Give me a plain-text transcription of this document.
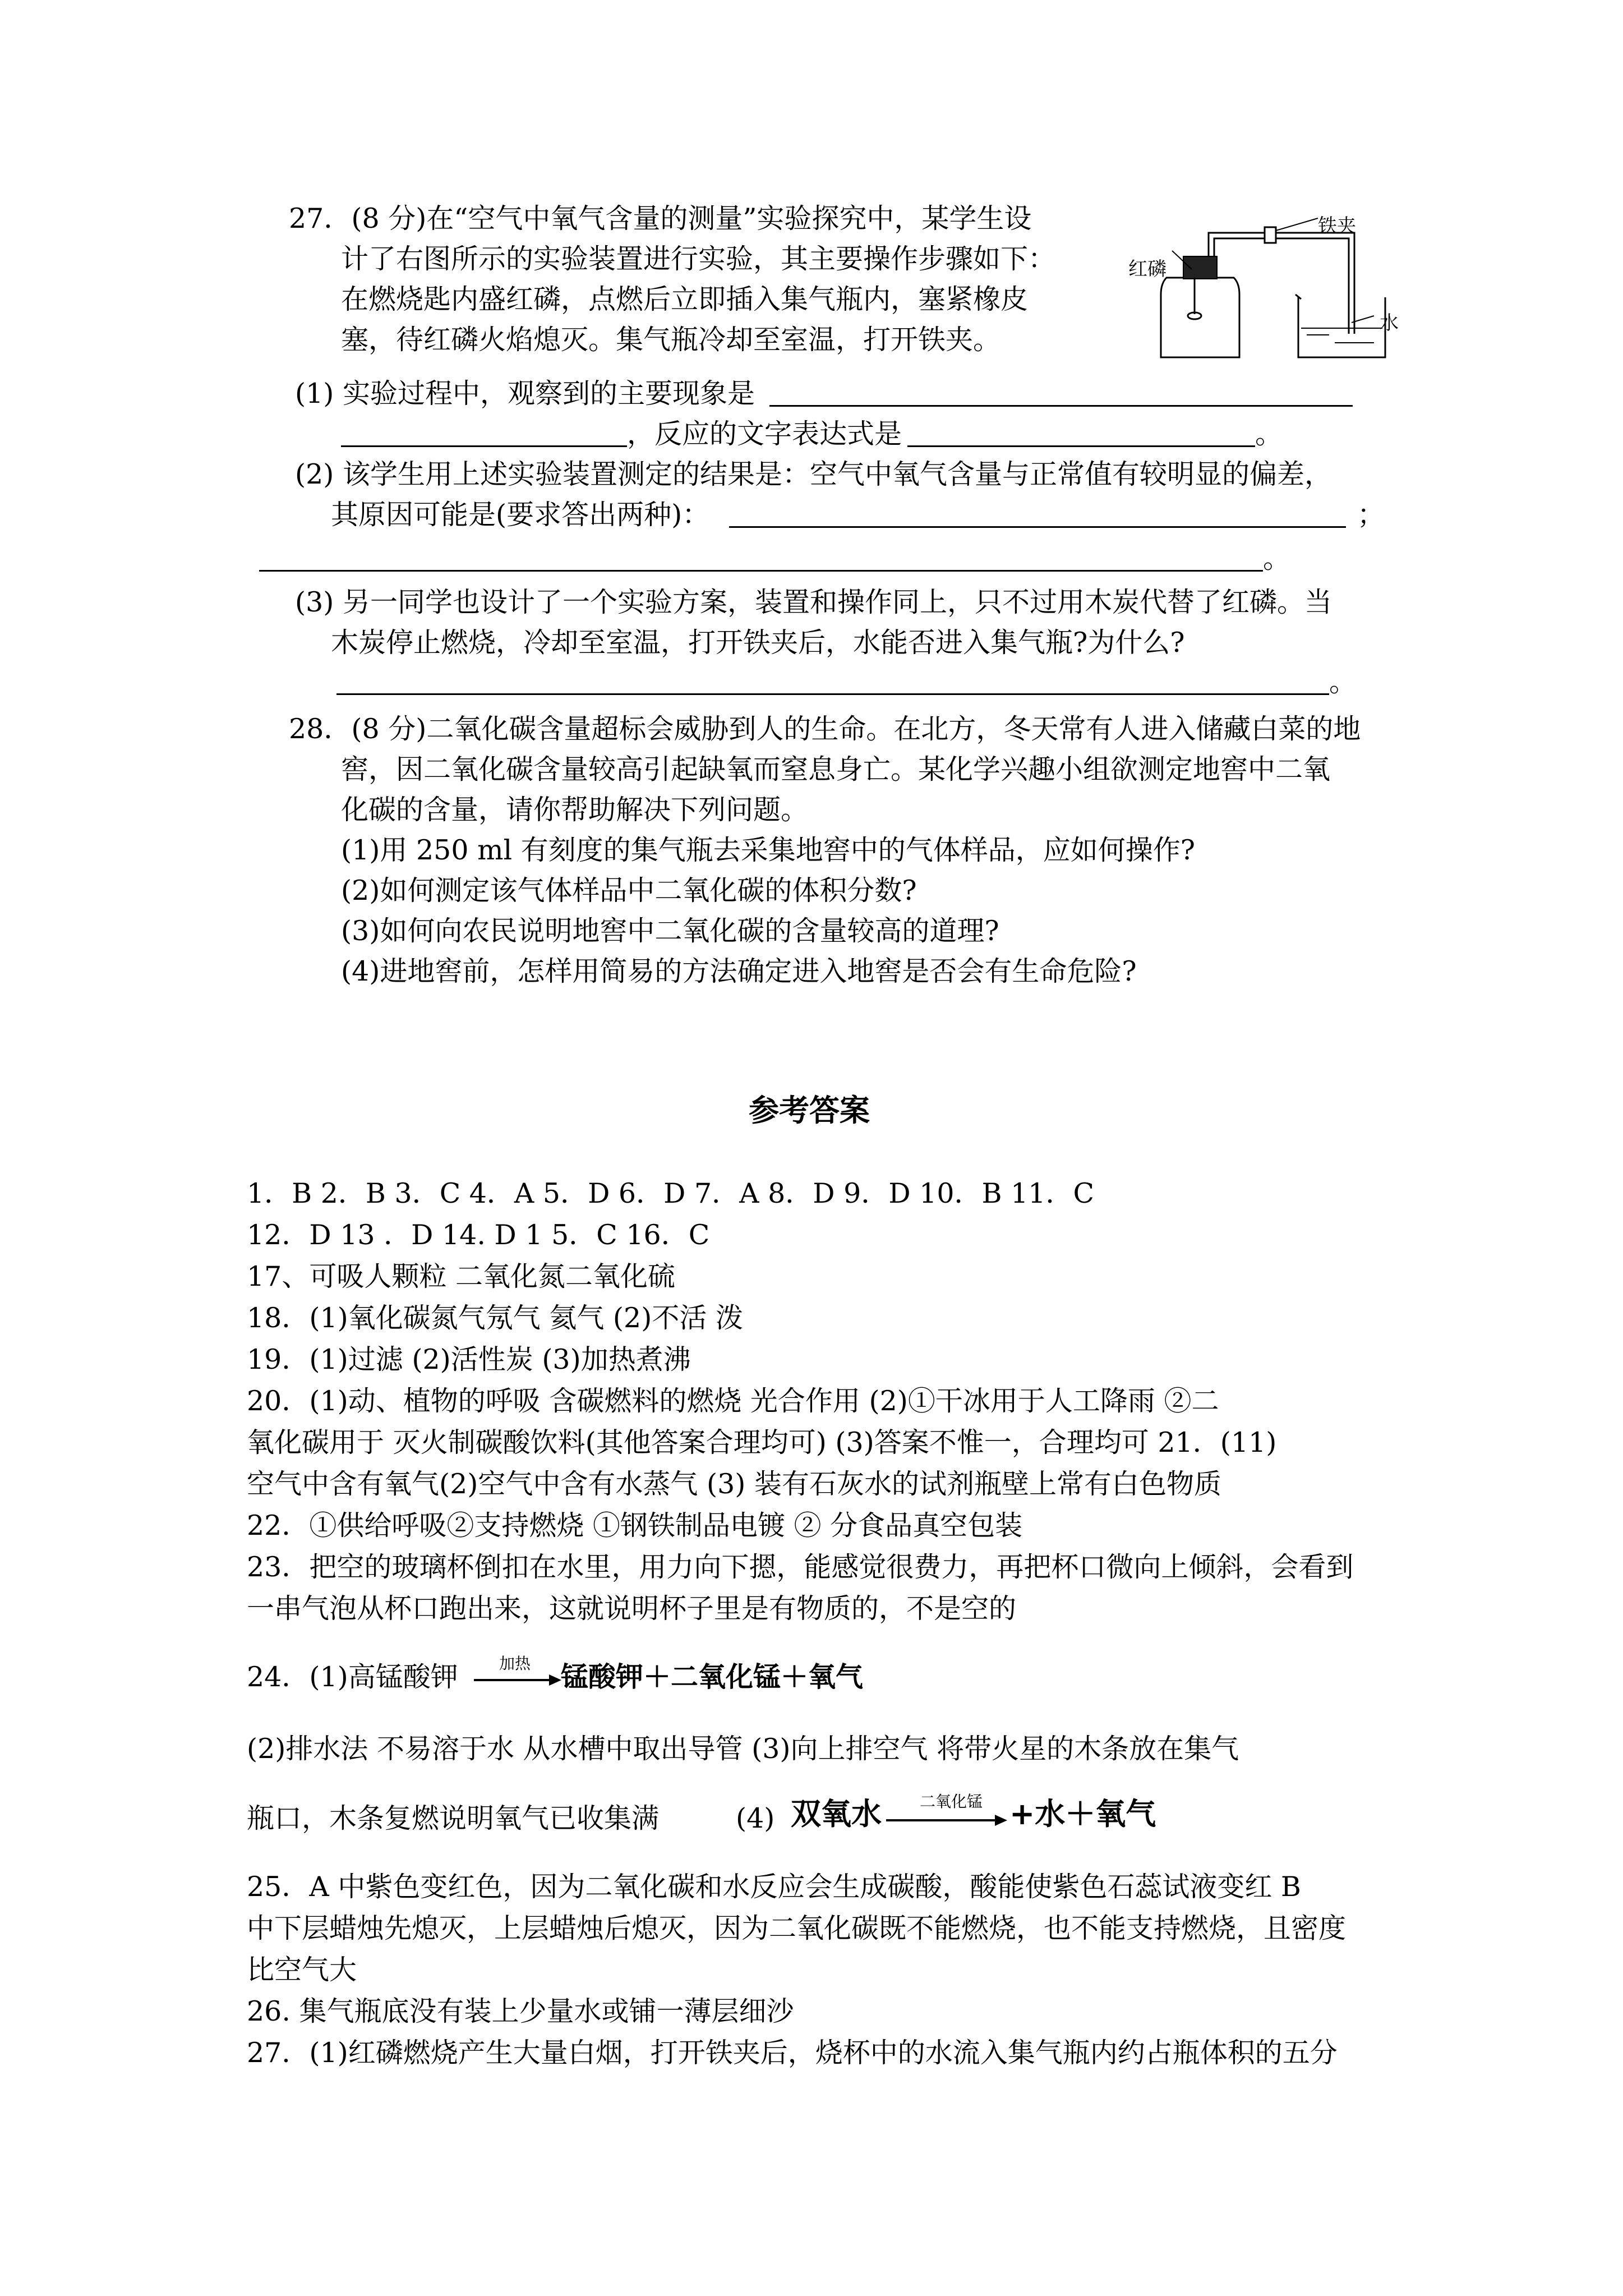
27．(8 分)在“空气中氧气含量的测量”实验探究中，某学生设
计了右图所示的实验装置进行实验，其主要操作步骤如下：
在燃烧匙内盛红磷，点燃后立即插入集气瓶内，塞紧橡皮
塞，待红磷火焰熄灭。集气瓶冷却至室温，打开铁夹。
红磷
铁夹
水
(1) 实验过程中，观察到的主要现象是
，反应的文字表达式是	。
(2) 该学生用上述实验装置测定的结果是：空气中氧气含量与正常值有较明显的偏差，
其原因可能是(要求答出两种)：	；
。
(3) 另一同学也设计了一个实验方案，装置和操作同上，只不过用木炭代替了红磷。当
木炭停止燃烧，冷却至室温，打开铁夹后，水能否进入集气瓶?为什么?
。
28．(8 分)二氧化碳含量超标会威胁到人的生命。在北方，冬天常有人进入储藏白菜的地
窖，因二氧化碳含量较高引起缺氧而窒息身亡。某化学兴趣小组欲测定地窖中二氧
化碳的含量，请你帮助解决下列问题。
(1)用 250 ml 有刻度的集气瓶去采集地窖中的气体样品，应如何操作?
(2)如何测定该气体样品中二氧化碳的体积分数?
(3)如何向农民说明地窖中二氧化碳的含量较高的道理?
(4)进地窖前，怎样用简易的方法确定进入地窖是否会有生命危险?
参考答案
1．B 2．B 3．C 4．A 5．D 6．D 7．A 8．D 9．D 10．B 11．C
12．D 13 ．D 14. D 1 5．C 16．C
17、可吸人颗粒 二氧化氮二氧化硫
18．(1)氧化碳氮气氖气 氦气 (2)不活 泼
19．(1)过滤 (2)活性炭 (3)加热煮沸
20．(1)动、植物的呼吸 含碳燃料的燃烧 光合作用 (2)①干冰用于人工降雨 ②二
氧化碳用于 灭火制碳酸饮料(其他答案合理均可) (3)答案不惟一，合理均可 21．(11)
空气中含有氧气(2)空气中含有水蒸气 (3) 装有石灰水的试剂瓶壁上常有白色物质
22．①供给呼吸②支持燃烧 ①钢铁制品电镀 ② 分食品真空包装
23．把空的玻璃杯倒扣在水里，用力向下摁，能感觉很费力，再把杯口微向上倾斜，会看到
一串气泡从杯口跑出来，这就说明杯子里是有物质的，不是空的
24．(1)高锰酸钾	加热 锰酸钾＋二氧化锰＋氧气
(2)排水法 不易溶于水 从水槽中取出导管 (3)向上排空气 将带火星的木条放在集气
瓶口，木条复燃说明氧气已收集满	(4) 双氧水 二氧化锰 +水＋氧气
25．A 中紫色变红色，因为二氧化碳和水反应会生成碳酸，酸能使紫色石蕊试液变红 B
中下层蜡烛先熄灭，上层蜡烛后熄灭，因为二氧化碳既不能燃烧，也不能支持燃烧，且密度
比空气大
26. 集气瓶底没有装上少量水或铺一薄层细沙
27．(1)红磷燃烧产生大量白烟，打开铁夹后，烧杯中的水流入集气瓶内约占瓶体积的五分
